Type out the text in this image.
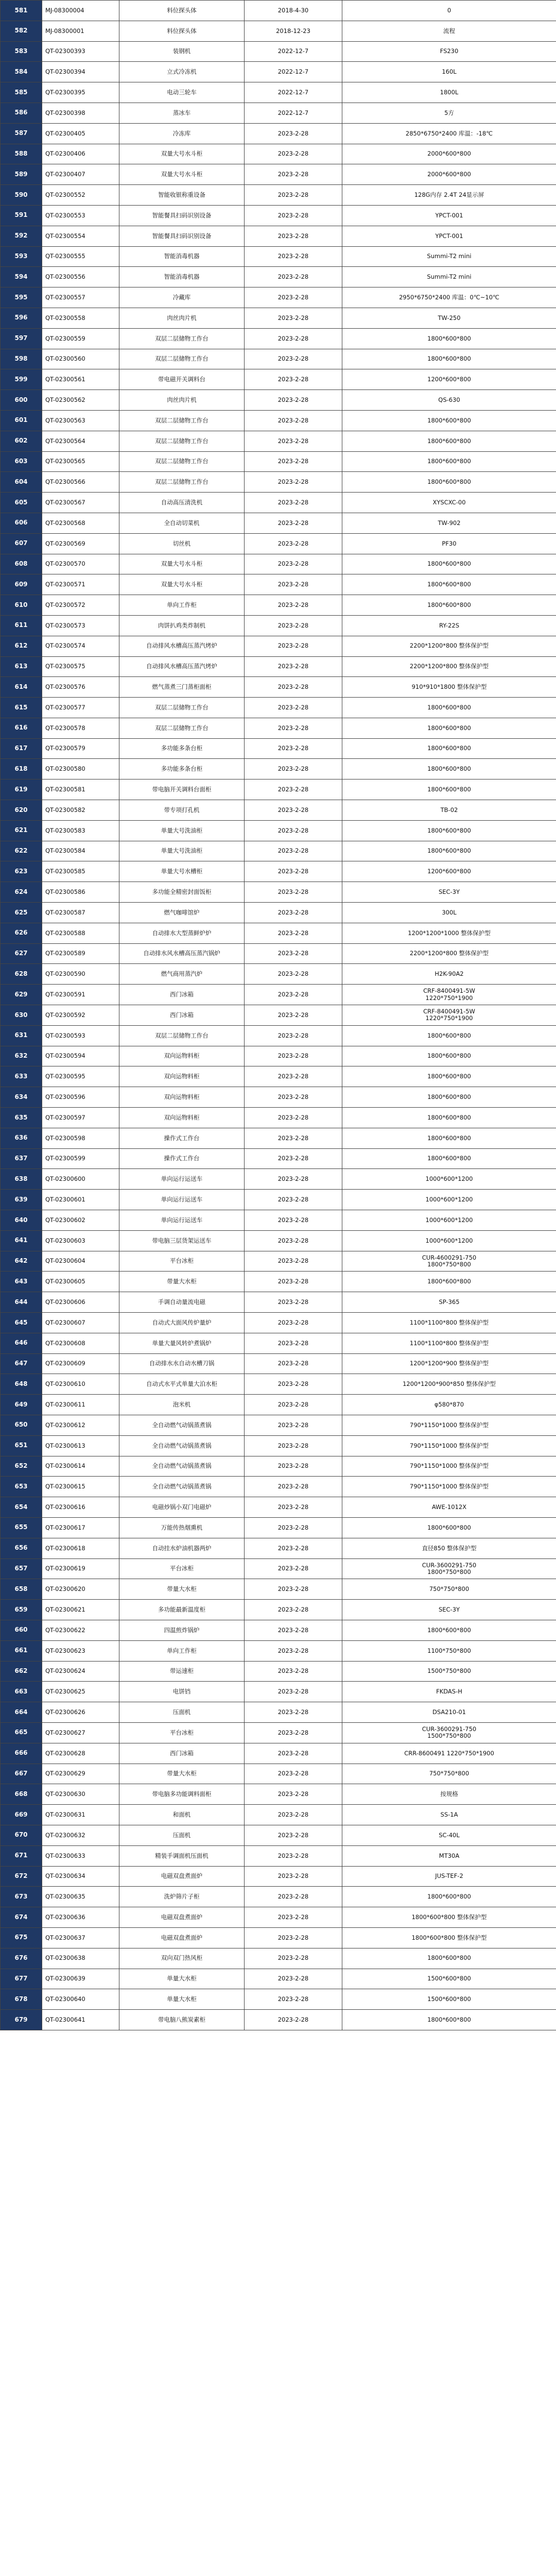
581	MJ-08300004	料位探头体	2018-4-30	0
582	MJ-08300001	料位探头体	2018-12-23	流程
583	QT-02300393	装钢机	2022-12-7	FS230
584	QT-02300394	立式冷冻机	2022-12-7	160L
585	QT-02300395	电动三轮车	2022-12-7	1800L
586	QT-02300398	蒸冰车	2022-12-7	5方
587	QT-02300405	冷冻库	2023-2-28	2850*6750*2400 库温：-18℃
588	QT-02300406	双量大号水斗柜	2023-2-28	2000*600*800
589	QT-02300407	双量大号水斗柜	2023-2-28	2000*600*800
590	QT-02300552	智能收银称重设备	2023-2-28	128G内存 2.4T 24显示屏
591	QT-02300553	智能餐具扫码识别设备	2023-2-28	YPCT-001
592	QT-02300554	智能餐具扫码识别设备	2023-2-28	YPCT-001
593	QT-02300555	智能消毒机器	2023-2-28	Summi-T2 mini
594	QT-02300556	智能消毒机器	2023-2-28	Summi-T2 mini
595	QT-02300557	冷藏库	2023-2-28	2950*6750*2400 库温：0℃~10℃
596	QT-02300558	肉丝肉片机	2023-2-28	TW-250
597	QT-02300559	双层二层储物工作台	2023-2-28	1800*600*800
598	QT-02300560	双层二层储物工作台	2023-2-28	1800*600*800
599	QT-02300561	带电磁开关调料台	2023-2-28	1200*600*800
600	QT-02300562	肉丝肉片机	2023-2-28	QS-630
601	QT-02300563	双层二层储物工作台	2023-2-28	1800*600*800
602	QT-02300564	双层二层储物工作台	2023-2-28	1800*600*800
603	QT-02300565	双层二层储物工作台	2023-2-28	1800*600*800
604	QT-02300566	双层二层储物工作台	2023-2-28	1800*600*800
605	QT-02300567	自动高压清洗机	2023-2-28	XYSCXC-00
606	QT-02300568	全自动切菜机	2023-2-28	TW-902
607	QT-02300569	切丝机	2023-2-28	PF30
608	QT-02300570	双量大号水斗柜	2023-2-28	1800*600*800
609	QT-02300571	双量大号水斗柜	2023-2-28	1800*600*800
610	QT-02300572	单向工作柜	2023-2-28	1800*600*800
611	QT-02300573	肉饼扒鸡类炸制机	2023-2-28	RY-22S
612	QT-02300574	自动排风水槽高压蒸汽烤炉	2023-2-28	2200*1200*800 整体保护型
613	QT-02300575	自动排风水槽高压蒸汽烤炉	2023-2-28	2200*1200*800 整体保护型
614	QT-02300576	燃气蒸煮三门蒸柜面柜	2023-2-28	910*910*1800 整体保护型
615	QT-02300577	双层二层储物工作台	2023-2-28	1800*600*800
616	QT-02300578	双层二层储物工作台	2023-2-28	1800*600*800
617	QT-02300579	多功能多条台柜	2023-2-28	1800*600*800
618	QT-02300580	多功能多条台柜	2023-2-28	1800*600*800
619	QT-02300581	带电脑开关调料台面柜	2023-2-28	1800*600*800
620	QT-02300582	带专项打孔机	2023-2-28	TB-02
621	QT-02300583	单量大号洗油柜	2023-2-28	1800*600*800
622	QT-02300584	单量大号洗油柜	2023-2-28	1800*600*800
623	QT-02300585	单量大号水槽柜	2023-2-28	1200*600*800
624	QT-02300586	多功能全精密封面饭柜	2023-2-28	SEC-3Y
625	QT-02300587	燃气咖啡馆炉	2023-2-28	300L
626	QT-02300588	自动排水大型蒸鲜炉炉	2023-2-28	1200*1200*1000 整体保护型
627	QT-02300589	自动排水风水槽高压蒸汽锅炉	2023-2-28	2200*1200*800 整体保护型
628	QT-02300590	燃气商用蒸汽炉	2023-2-28	H2K-90A2
629	QT-02300591	西门冰箱	2023-2-28	CRF-8400491-5W
1220*750*1900
630	QT-02300592	西门冰箱	2023-2-28	CRF-8400491-5W
1220*750*1900
631	QT-02300593	双层二层储物工作台	2023-2-28	1800*600*800
632	QT-02300594	双向运物料柜	2023-2-28	1800*600*800
633	QT-02300595	双向运物料柜	2023-2-28	1800*600*800
634	QT-02300596	双向运物料柜	2023-2-28	1800*600*800
635	QT-02300597	双向运物料柜	2023-2-28	1800*600*800
636	QT-02300598	操作式工作台	2023-2-28	1800*600*800
637	QT-02300599	操作式工作台	2023-2-28	1800*600*800
638	QT-02300600	单向运行运送车	2023-2-28	1000*600*1200
639	QT-02300601	单向运行运送车	2023-2-28	1000*600*1200
640	QT-02300602	单向运行运送车	2023-2-28	1000*600*1200
641	QT-02300603	带电脑三层货架运送车	2023-2-28	1000*600*1200
642	QT-02300604	平台冰柜	2023-2-28	CUR-4600291-750
1800*750*800
643	QT-02300605	带量大水柜	2023-2-28	1800*600*800
644	QT-02300606	手调自动量流电磁	2023-2-28	SP-365
645	QT-02300607	自动式大面风传炉量炉	2023-2-28	1100*1100*800 整体保护型
646	QT-02300608	单量大量风转炉煮锅炉	2023-2-28	1100*1100*800 整体保护型
647	QT-02300609	自动排水水自动水槽刀锅	2023-2-28	1200*1200*900 整体保护型
648	QT-02300610	自动式水平式单量大泊水柜	2023-2-28	1200*1200*900*850 整体保护型
649	QT-02300611	泡米机	2023-2-28	φ580*870
650	QT-02300612	全自动燃气动锅蒸煮锅	2023-2-28	790*1150*1000 整体保护型
651	QT-02300613	全自动燃气动锅蒸煮锅	2023-2-28	790*1150*1000 整体保护型
652	QT-02300614	全自动燃气动锅蒸煮锅	2023-2-28	790*1150*1000 整体保护型
653	QT-02300615	全自动燃气动锅蒸煮锅	2023-2-28	790*1150*1000 整体保护型
654	QT-02300616	电磁炒锅小双门电磁炉	2023-2-28	AWE-1012X
655	QT-02300617	万能传热烟熏机	2023-2-28	1800*600*800
656	QT-02300618	自动挂水炉油机器两炉	2023-2-28	直径850 整体保护型
657	QT-02300619	平台冰柜	2023-2-28	CUR-3600291-750
1800*750*800
658	QT-02300620	带量大水柜	2023-2-28	750*750*800
659	QT-02300621	多功能最新温度柜	2023-2-28	SEC-3Y
660	QT-02300622	四温煎炸锅炉	2023-2-28	1800*600*800
661	QT-02300623	单向工作柜	2023-2-28	1100*750*800
662	QT-02300624	带运速柜	2023-2-28	1500*750*800
663	QT-02300625	电饼铛	2023-2-28	FKDAS-H
664	QT-02300626	压面机	2023-2-28	DSA210-01
665	QT-02300627	平台冰柜	2023-2-28	CUR-3600291-750
1500*750*800
666	QT-02300628	西门冰箱	2023-2-28	CRR-8600491 1220*750*1900
667	QT-02300629	带量大水柜	2023-2-28	750*750*800
668	QT-02300630	带电脑多功能调料面柜	2023-2-28	按规格
669	QT-02300631	和面机	2023-2-28	SS-1A
670	QT-02300632	压面机	2023-2-28	SC-40L
671	QT-02300633	精装手调面机压面机	2023-2-28	MT30A
672	QT-02300634	电磁双盘煮面炉	2023-2-28	JUS-TEF-2
673	QT-02300635	洗炉筛片子柜	2023-2-28	1800*600*800
674	QT-02300636	电磁双盘煮面炉	2023-2-28	1800*600*800 整体保护型
675	QT-02300637	电磁双盘煮面炉	2023-2-28	1800*600*800 整体保护型
676	QT-02300638	双向双门热风柜	2023-2-28	1800*600*800
677	QT-02300639	单量大水柜	2023-2-28	1500*600*800
678	QT-02300640	单量大水柜	2023-2-28	1500*600*800
679	QT-02300641	带电脑八熊炭素柜	2023-2-28	1800*600*800
